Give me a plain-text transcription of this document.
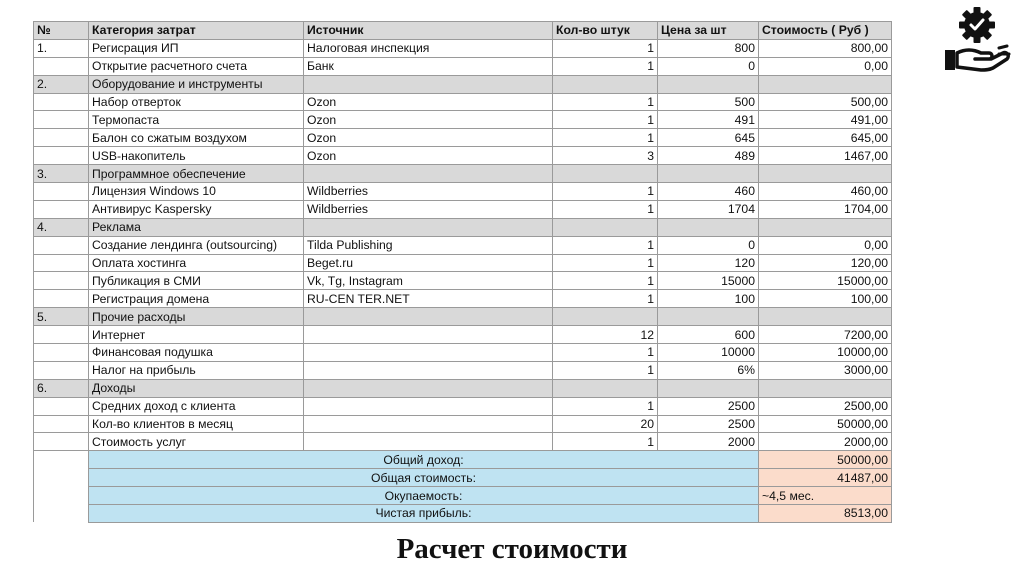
№	Категория затрат	Источник	Кол-во штук	Цена за шт	Стоимость ( Руб )
1.	Регисрация ИП	Налоговая инспекция	1	800	800,00
	Открытие расчетного счета	Банк	1	0	0,00
2.	Оборудование и инструменты				
	Набор отверток	Ozon	1	500	500,00
	Термопаста	Ozon	1	491	491,00
	Балон со сжатым воздухом	Ozon	1	645	645,00
	USB-накопитель	Ozon	3	489	1467,00
3.	Программное обеспечение				
	Лицензия Windows 10	Wildberries	1	460	460,00
	Антивирус Kaspersky	Wildberries	1	1704	1704,00
4.	Реклама				
	Создание лендинга (outsourcing)	Tilda Publishing	1	0	0,00
	Оплата хостинга	Beget.ru	1	120	120,00
	Публикация в СМИ	Vk, Tg, Instagram	1	15000	15000,00
	Регистрация домена	RU-CEN TER.NET	1	100	100,00
5.	Прочие расходы				
	Интернет		12	600	7200,00
	Финансовая подушка		1	10000	10000,00
	Налог на прибыль		1	6%	3000,00
6.	Доходы				
	Средних доход с клиента		1	2500	2500,00
	Кол-во клиентов в месяц		20	2500	50000,00
	Стоимость услуг		1	2000	2000,00
	Общий доход:				50000,00
	Общая стоимость:				41487,00
	Окупаемость:				~4,5 мес.
	Чистая прибыль:				8513,00
Расчет стоимости
